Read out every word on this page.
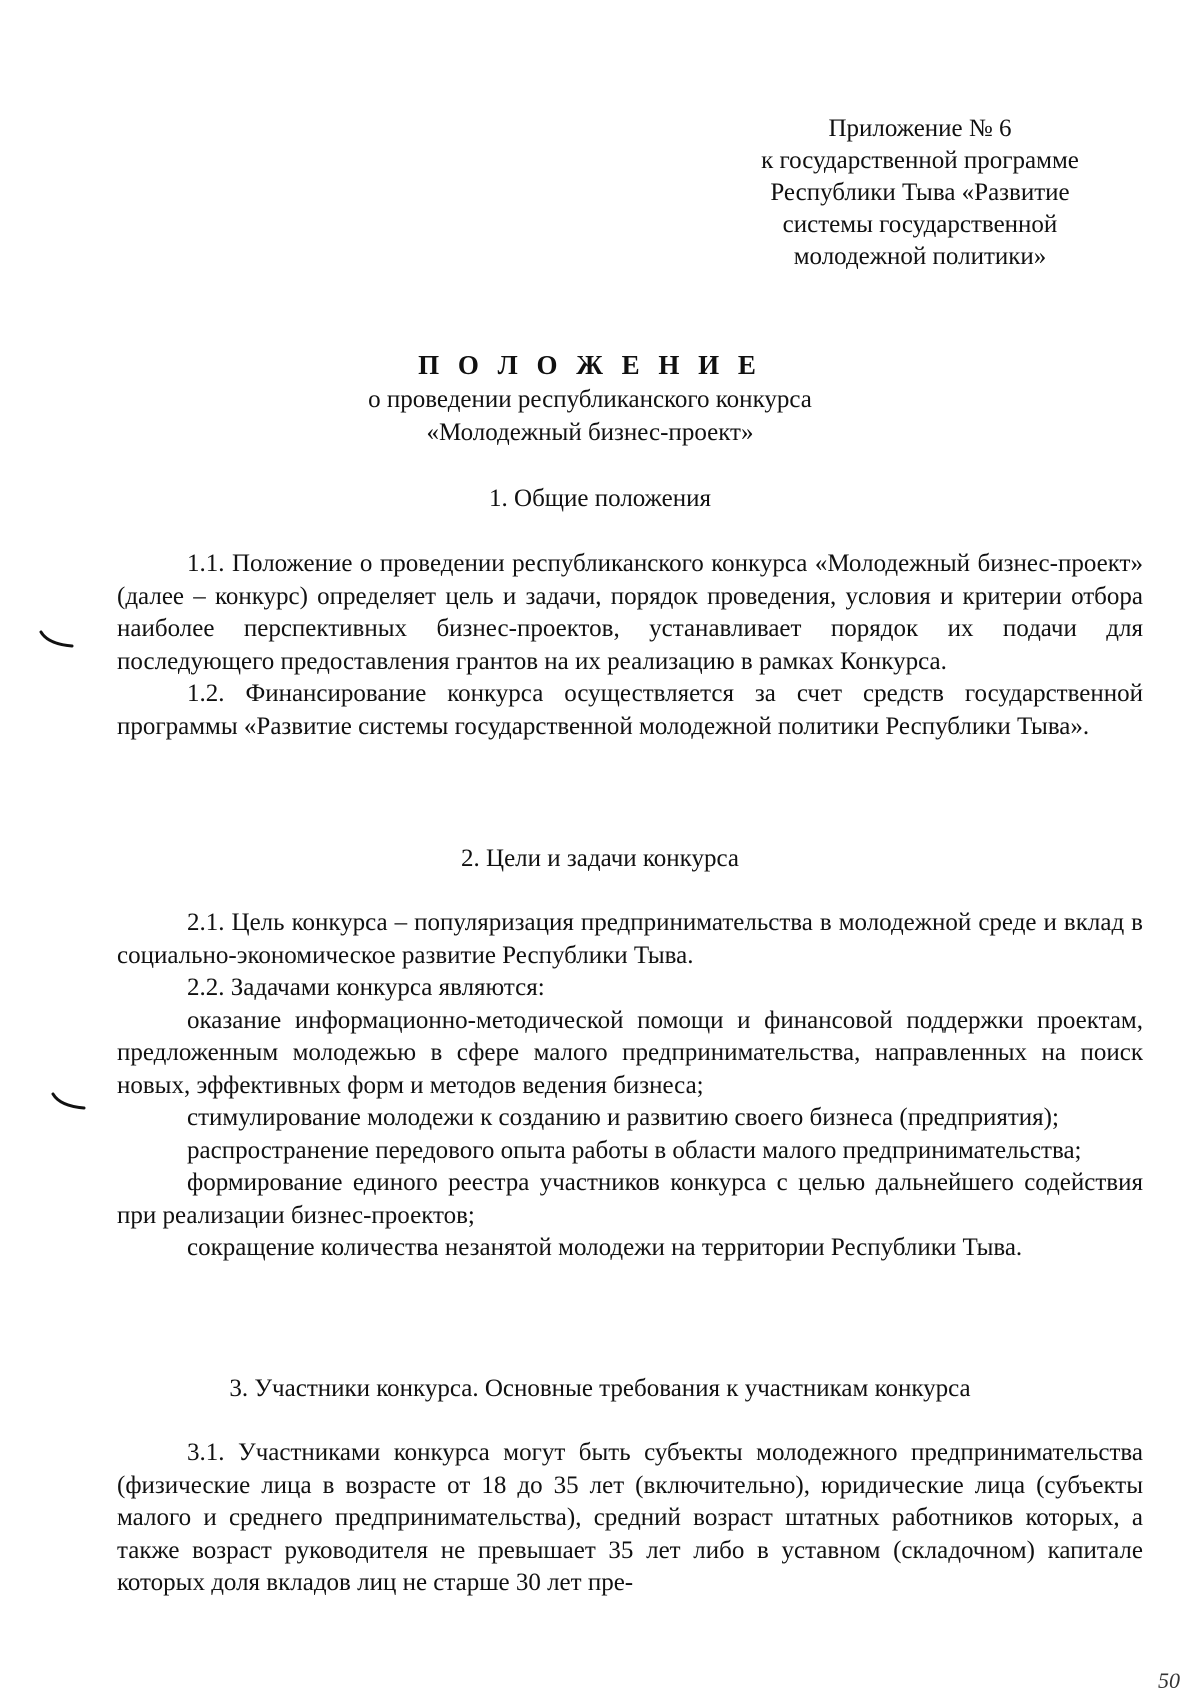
Приложение № 6
к государственной программе
Республики Тыва «Развитие
системы государственной
молодежной политики»
П О Л О Ж Е Н И Е
о проведении республиканского конкурса
«Молодежный бизнес-проект»
1. Общие положения

1.1. Положение о проведении республиканского конкурса «Молодежный бизнес-проект» (далее – конкурс) определяет цель и задачи, порядок проведения, условия и критерии отбора наиболее перспективных бизнес-проектов, устанавливает порядок их подачи для последующего предоставления грантов на их реализацию в рамках Конкурса.

1.2. Финансирование конкурса осуществляется за счет средств государственной программы «Развитие системы государственной молодежной политики Республики Тыва».

2. Цели и задачи конкурса

2.1. Цель конкурса – популяризация предпринимательства в молодежной среде и вклад в социально-экономическое развитие Республики Тыва.

2.2. Задачами конкурса являются:

оказание информационно-методической помощи и финансовой поддержки проектам, предложенным молодежью в сфере малого предпринимательства, направленных на поиск новых, эффективных форм и методов ведения бизнеса;

стимулирование молодежи к созданию и развитию своего бизнеса (предприятия);

распространение передового опыта работы в области малого предпринимательства;

формирование единого реестра участников конкурса с целью дальнейшего содействия при реализации бизнес-проектов;

сокращение количества незанятой молодежи на территории Республики Тыва.

3. Участники конкурса. Основные требования к участникам конкурса

3.1. Участниками конкурса могут быть субъекты молодежного предпринимательства (физические лица в возрасте от 18 до 35 лет (включительно), юридические лица (субъекты малого и среднего предпринимательства), средний возраст штатных работников которых, а также возраст руководителя не превышает 35 лет либо в уставном (складочном) капитале которых доля вкладов лиц не старше 30 лет пре-

50
